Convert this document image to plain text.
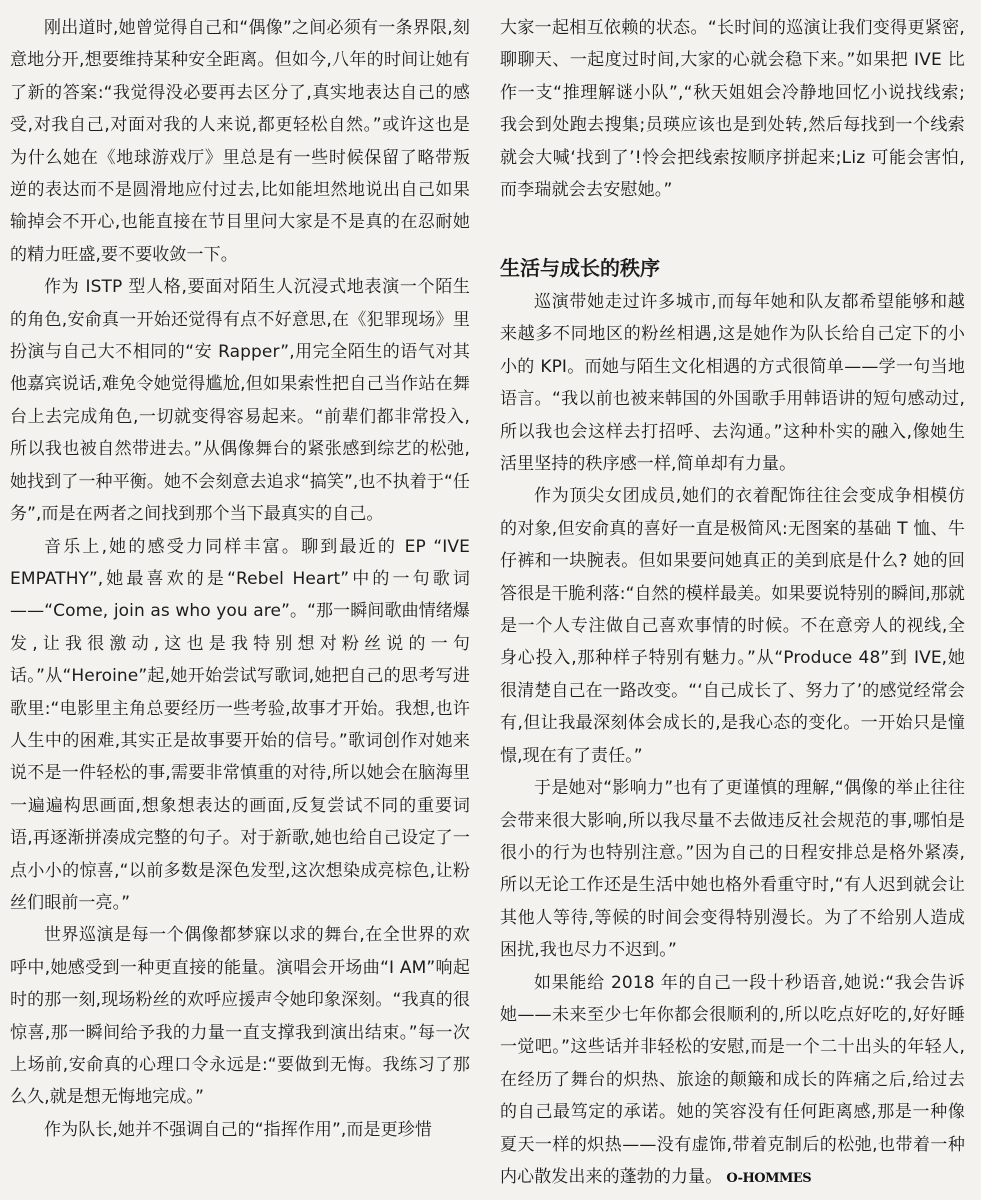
刚出道时,她曾觉得自己和“偶像”之间必须有一条界限,刻意地分开,想要维持某种安全距离。但如今,八年的时间让她有了新的答案:“我觉得没必要再去区分了,真实地表达自己的感受,对我自己,对面对我的人来说,都更轻松自然。”或许这也是为什么她在《地球游戏厅》里总是有一些时候保留了略带叛逆的表达而不是圆滑地应付过去,比如能坦然地说出自己如果输掉会不开心,也能直接在节目里问大家是不是真的在忍耐她的精力旺盛,要不要收敛一下。

作为 ISTP 型人格,要面对陌生人沉浸式地表演一个陌生的角色,安俞真一开始还觉得有点不好意思,在《犯罪现场》里扮演与自己大不相同的“安 Rapper”,用完全陌生的语气对其他嘉宾说话,难免令她觉得尴尬,但如果索性把自己当作站在舞台上去完成角色,一切就变得容易起来。“前辈们都非常投入,所以我也被自然带进去。”从偶像舞台的紧张感到综艺的松弛,她找到了一种平衡。她不会刻意去追求“搞笑”,也不执着于“任务”,而是在两者之间找到那个当下最真实的自己。

音乐上,她的感受力同样丰富。聊到最近的 EP “IVE EMPATHY”,她最喜欢的是“Rebel Heart”中的一句歌词——“Come, join as who you are”。“那一瞬间歌曲情绪爆发,让我很激动,这也是我特别想对粉丝说的一句话。”从“Heroine”起,她开始尝试写歌词,她把自己的思考写进歌里:“电影里主角总要经历一些考验,故事才开始。我想,也许人生中的困难,其实正是故事要开始的信号。”歌词创作对她来说不是一件轻松的事,需要非常慎重的对待,所以她会在脑海里一遍遍构思画面,想象想表达的画面,反复尝试不同的重要词语,再逐渐拼凑成完整的句子。对于新歌,她也给自己设定了一点小小的惊喜,“以前多数是深色发型,这次想染成亮棕色,让粉丝们眼前一亮。”

世界巡演是每一个偶像都梦寐以求的舞台,在全世界的欢呼中,她感受到一种更直接的能量。演唱会开场曲“I AM”响起时的那一刻,现场粉丝的欢呼应援声令她印象深刻。“我真的很惊喜,那一瞬间给予我的力量一直支撑我到演出结束。”每一次上场前,安俞真的心理口令永远是:“要做到无悔。我练习了那么久,就是想无悔地完成。”

作为队长,她并不强调自己的“指挥作用”,而是更珍惜

大家一起相互依赖的状态。“长时间的巡演让我们变得更紧密,聊聊天、一起度过时间,大家的心就会稳下来。”如果把 IVE 比作一支“推理解谜小队”,“秋天姐姐会冷静地回忆小说找线索;我会到处跑去搜集;员瑛应该也是到处转,然后每找到一个线索就会大喊‘找到了’!怜会把线索按顺序拼起来;Liz 可能会害怕,而李瑞就会去安慰她。”

生活与成长的秩序

巡演带她走过许多城市,而每年她和队友都希望能够和越来越多不同地区的粉丝相遇,这是她作为队长给自己定下的小小的 KPI。而她与陌生文化相遇的方式很简单——学一句当地语言。“我以前也被来韩国的外国歌手用韩语讲的短句感动过,所以我也会这样去打招呼、去沟通。”这种朴实的融入,像她生活里坚持的秩序感一样,简单却有力量。

作为顶尖女团成员,她们的衣着配饰往往会变成争相模仿的对象,但安俞真的喜好一直是极简风:无图案的基础 T 恤、牛仔裤和一块腕表。但如果要问她真正的美到底是什么? 她的回答很是干脆利落:“自然的模样最美。如果要说特别的瞬间,那就是一个人专注做自己喜欢事情的时候。不在意旁人的视线,全身心投入,那种样子特别有魅力。”从“Produce 48”到 IVE,她很清楚自己在一路改变。“‘自己成长了、努力了’的感觉经常会有,但让我最深刻体会成长的,是我心态的变化。一开始只是憧憬,现在有了责任。”

于是她对“影响力”也有了更谨慎的理解,“偶像的举止往往会带来很大影响,所以我尽量不去做违反社会规范的事,哪怕是很小的行为也特别注意。”因为自己的日程安排总是格外紧凑,所以无论工作还是生活中她也格外看重守时,“有人迟到就会让其他人等待,等候的时间会变得特别漫长。为了不给别人造成困扰,我也尽力不迟到。”

如果能给 2018 年的自己一段十秒语音,她说:“我会告诉她——未来至少七年你都会很顺利的,所以吃点好吃的,好好睡一觉吧。”这些话并非轻松的安慰,而是一个二十出头的年轻人,在经历了舞台的炽热、旅途的颠簸和成长的阵痛之后,给过去的自己最笃定的承诺。她的笑容没有任何距离感,那是一种像夏天一样的炽热——没有虚饰,带着克制后的松弛,也带着一种内心散发出来的蓬勃的力量。 O-HOMMES
